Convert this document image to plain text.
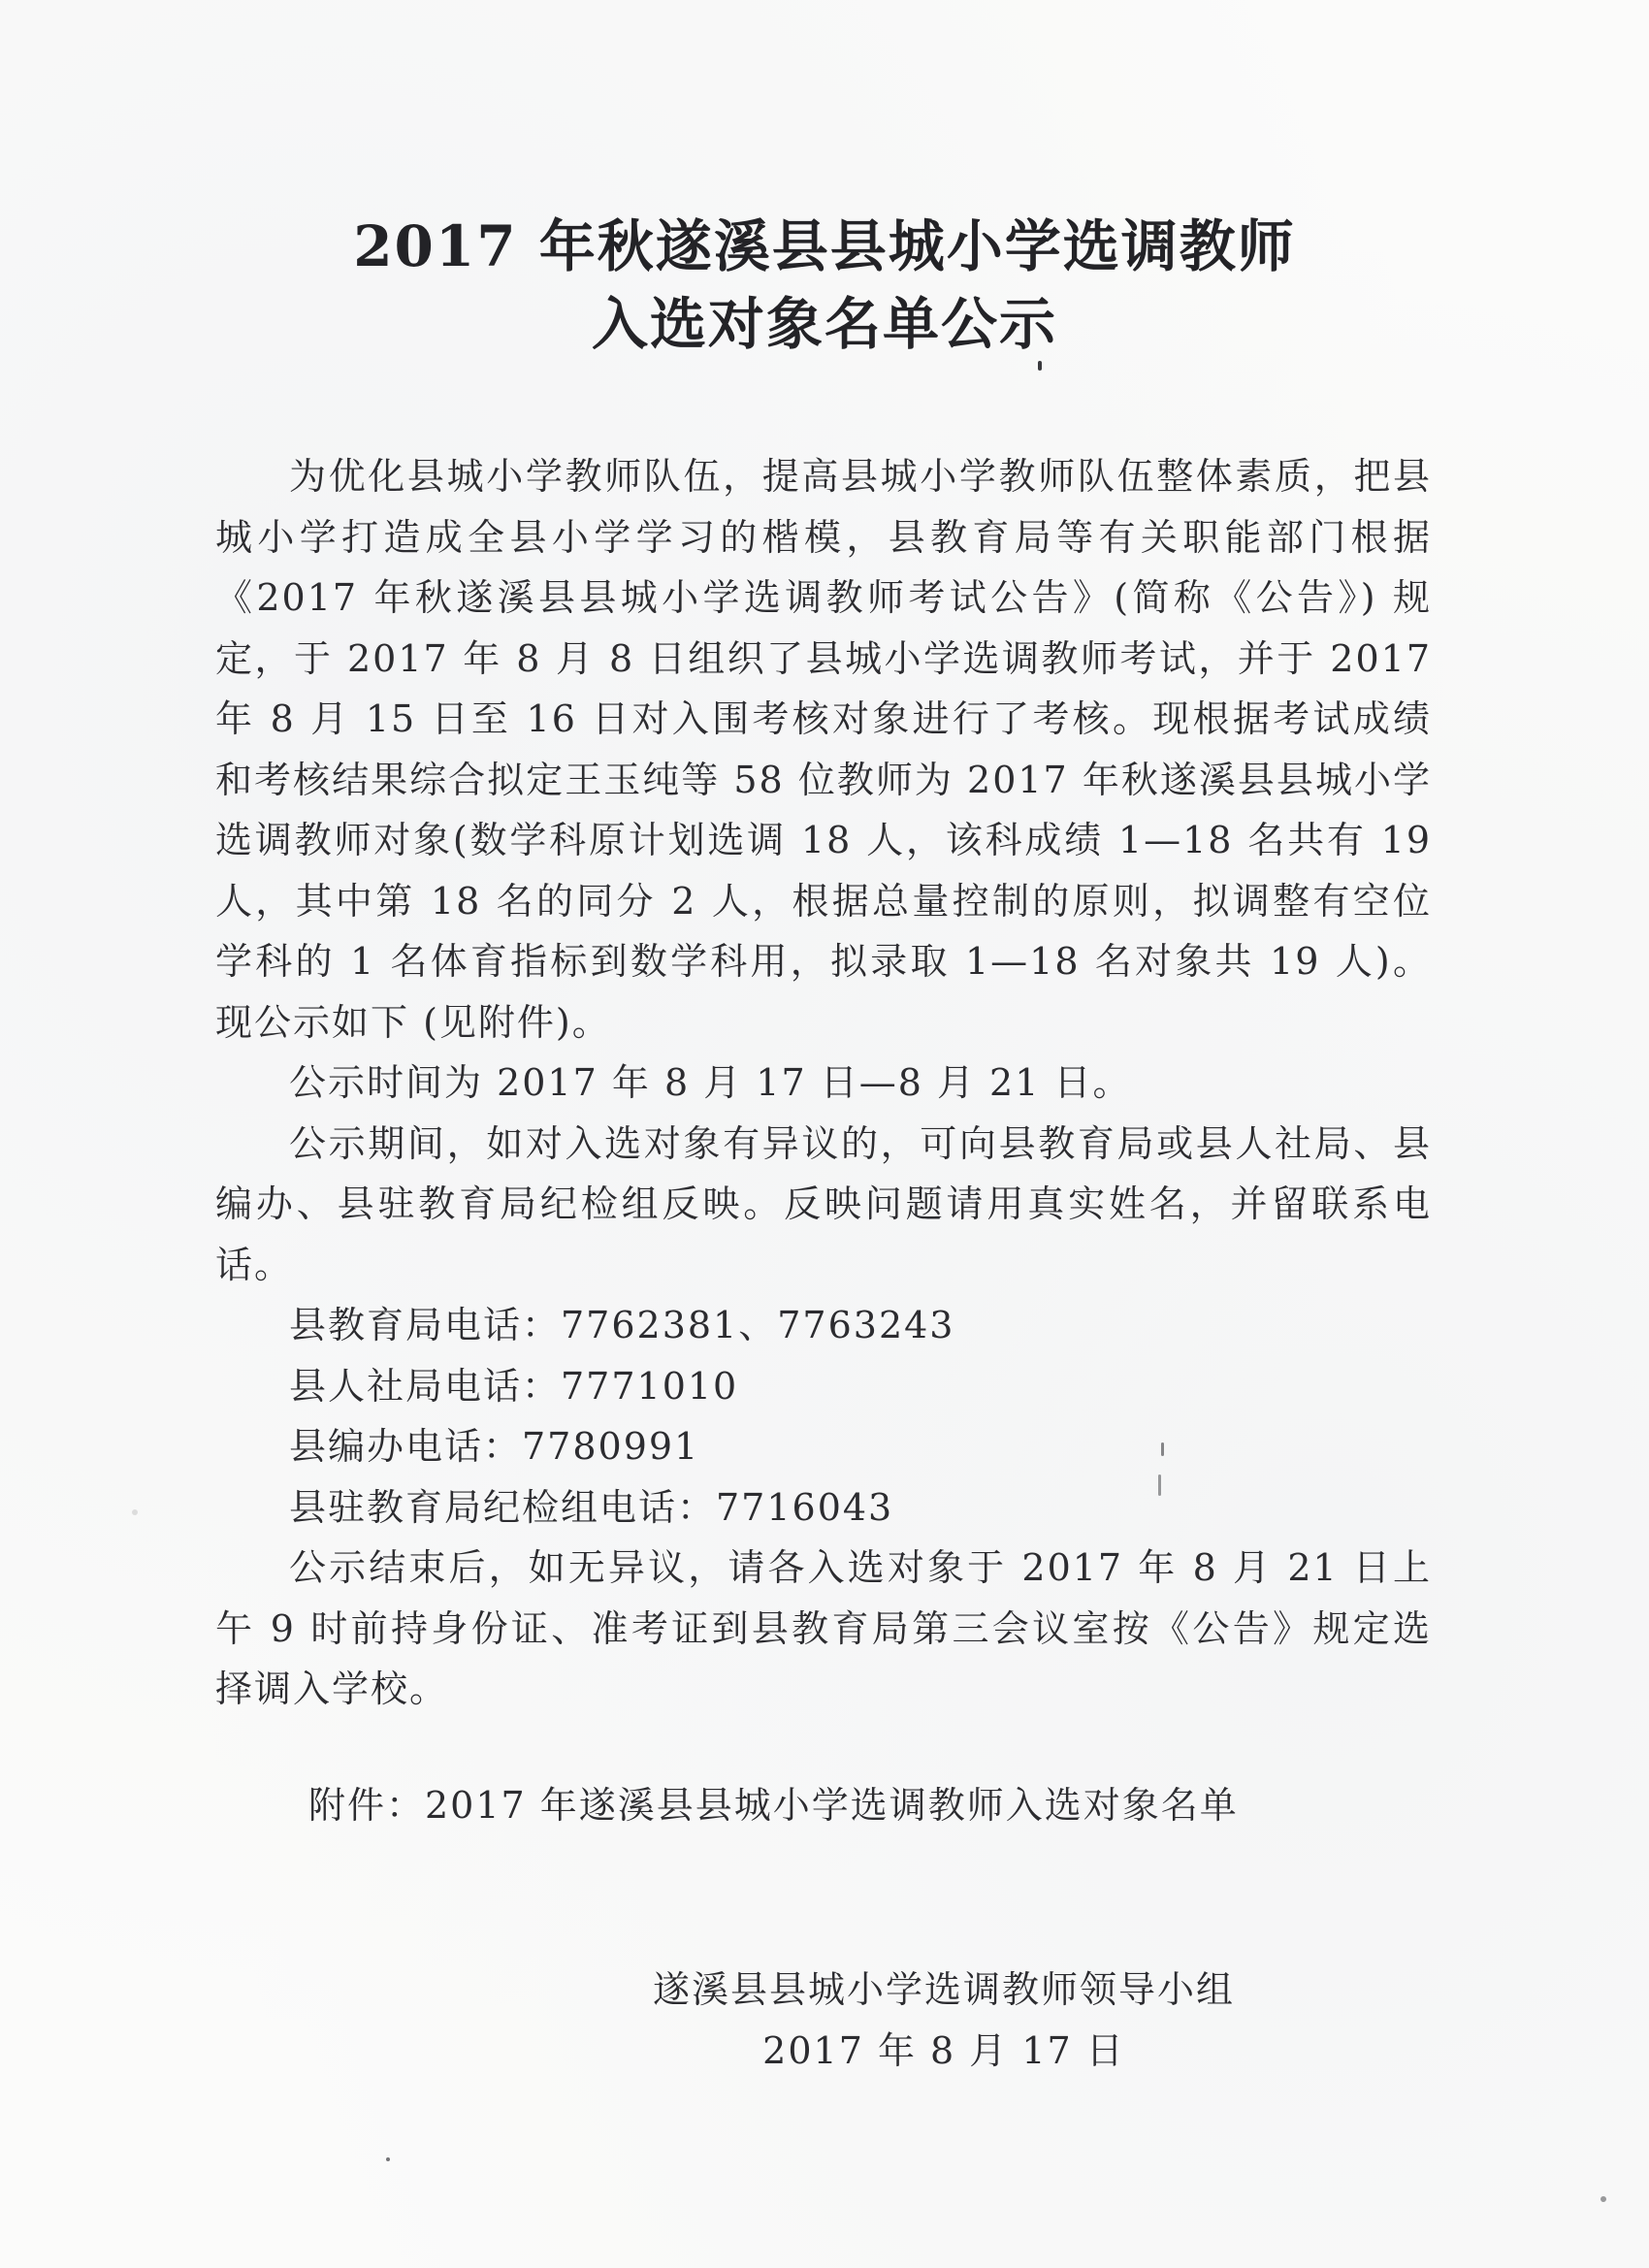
2017 年秋遂溪县县城小学选调教师
入选对象名单公示

为优化县城小学教师队伍，提高县城小学教师队伍整体素质，把县城小学打造成全县小学学习的楷模，县教育局等有关职能部门根据《2017 年秋遂溪县县城小学选调教师考试公告》(简称《公告》) 规定，于 2017 年 8 月 8 日组织了县城小学选调教师考试，并于 2017 年 8 月 15 日至 16 日对入围考核对象进行了考核。现根据考试成绩和考核结果综合拟定王玉纯等 58 位教师为 2017 年秋遂溪县县城小学选调教师对象(数学科原计划选调 18 人，该科成绩 1—18 名共有 19 人，其中第 18 名的同分 2 人，根据总量控制的原则，拟调整有空位学科的 1 名体育指标到数学科用，拟录取 1—18 名对象共 19 人)。现公示如下 (见附件)。

公示时间为 2017 年 8 月 17 日—8 月 21 日。

公示期间，如对入选对象有异议的，可向县教育局或县人社局、县编办、县驻教育局纪检组反映。反映问题请用真实姓名，并留联系电话。

县教育局电话：7762381、7763243

县人社局电话：7771010

县编办电话：7780991

县驻教育局纪检组电话：7716043

公示结束后，如无异议，请各入选对象于 2017 年 8 月 21 日上午 9 时前持身份证、准考证到县教育局第三会议室按《公告》规定选择调入学校。

附件：2017 年遂溪县县城小学选调教师入选对象名单
遂溪县县城小学选调教师领导小组
2017 年 8 月 17 日
